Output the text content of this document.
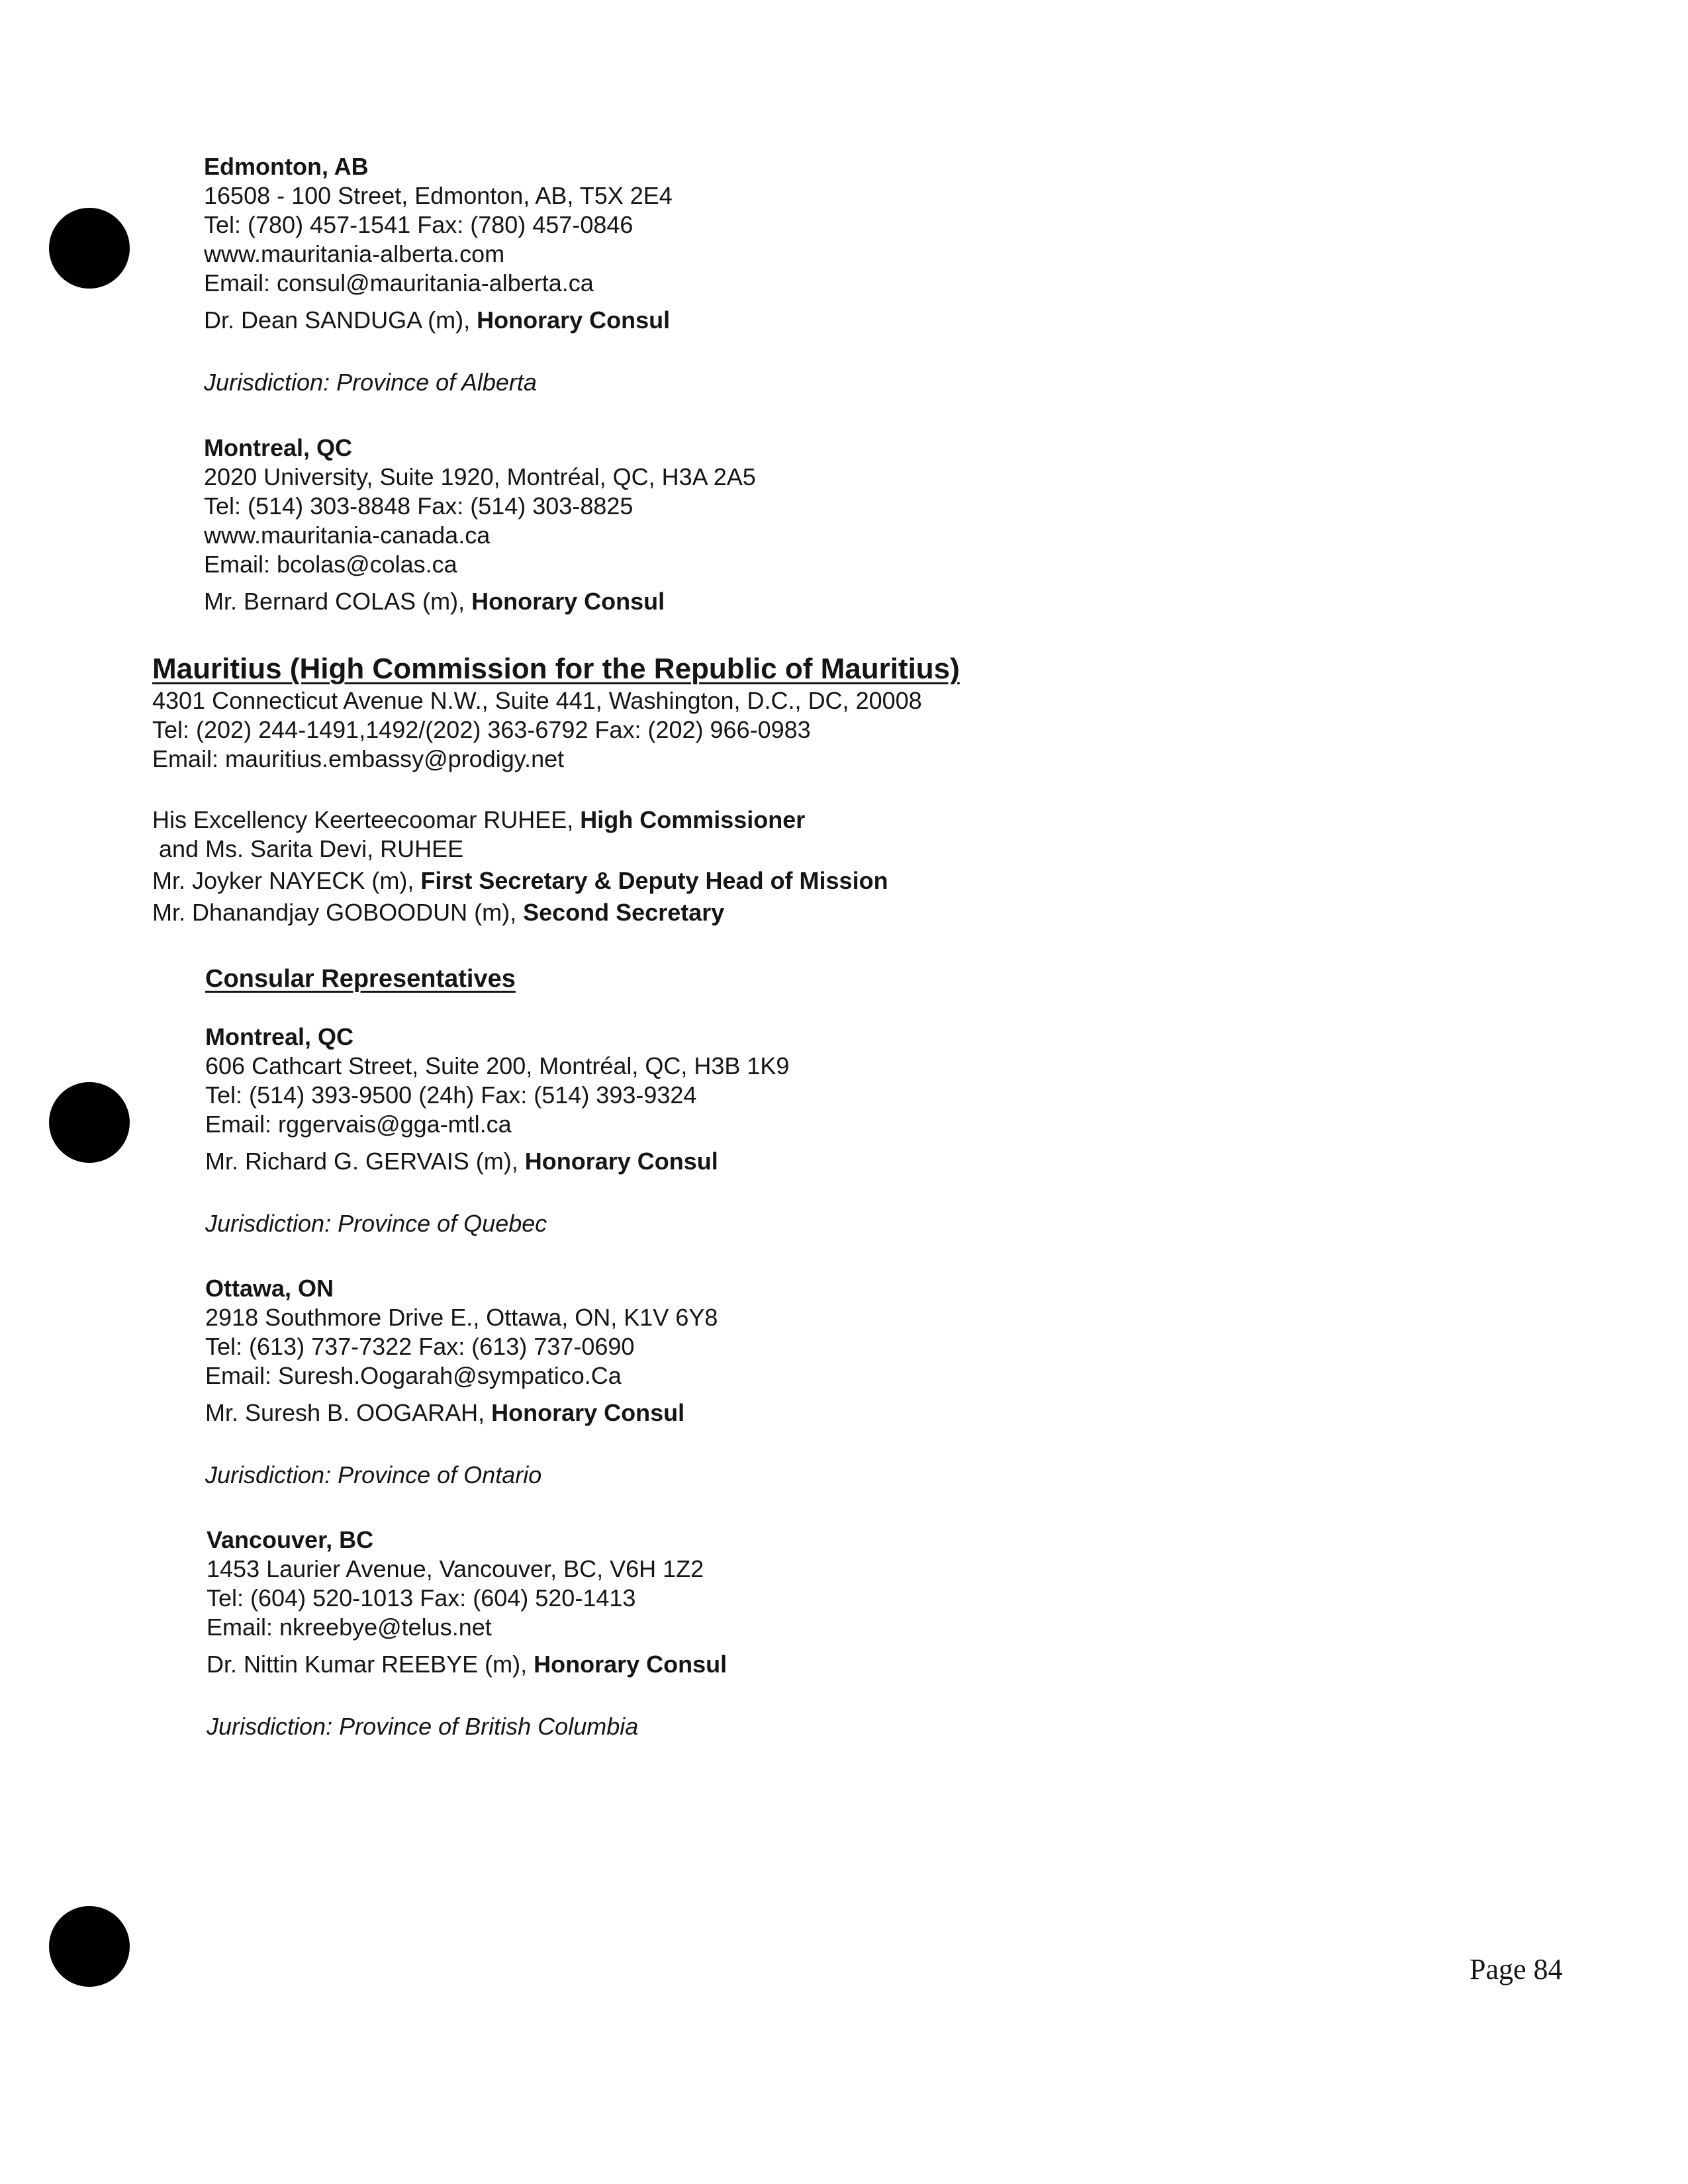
Edmonton, AB
16508 - 100 Street, Edmonton, AB, T5X 2E4
Tel: (780) 457-1541 Fax: (780) 457-0846
www.mauritania-alberta.com
Email: consul@mauritania-alberta.ca
Dr. Dean SANDUGA (m), Honorary Consul
Jurisdiction: Province of Alberta
Montreal, QC
2020 University, Suite 1920, Montréal, QC, H3A 2A5
Tel: (514) 303-8848 Fax: (514) 303-8825
www.mauritania-canada.ca
Email: bcolas@colas.ca
Mr. Bernard COLAS (m), Honorary Consul
Mauritius (High Commission for the Republic of Mauritius)
4301 Connecticut Avenue N.W., Suite 441, Washington, D.C., DC, 20008
Tel: (202) 244-1491,1492/(202) 363-6792 Fax: (202) 966-0983
Email: mauritius.embassy@prodigy.net
His Excellency Keerteecoomar RUHEE, High Commissioner
and Ms. Sarita Devi, RUHEE
Mr. Joyker NAYECK (m), First Secretary & Deputy Head of Mission
Mr. Dhanandjay GOBOODUN (m), Second Secretary
Consular Representatives
Montreal, QC
606 Cathcart Street, Suite 200, Montréal, QC, H3B 1K9
Tel: (514) 393-9500 (24h) Fax: (514) 393-9324
Email: rggervais@gga-mtl.ca
Mr. Richard G. GERVAIS (m), Honorary Consul
Jurisdiction: Province of Quebec
Ottawa, ON
2918 Southmore Drive E., Ottawa, ON, K1V 6Y8
Tel: (613) 737-7322 Fax: (613) 737-0690
Email: Suresh.Oogarah@sympatico.Ca
Mr. Suresh B. OOGARAH, Honorary Consul
Jurisdiction: Province of Ontario
Vancouver, BC
1453 Laurier Avenue, Vancouver, BC, V6H 1Z2
Tel: (604) 520-1013 Fax: (604) 520-1413
Email: nkreebye@telus.net
Dr. Nittin Kumar REEBYE (m), Honorary Consul
Jurisdiction: Province of British Columbia
Page 84
